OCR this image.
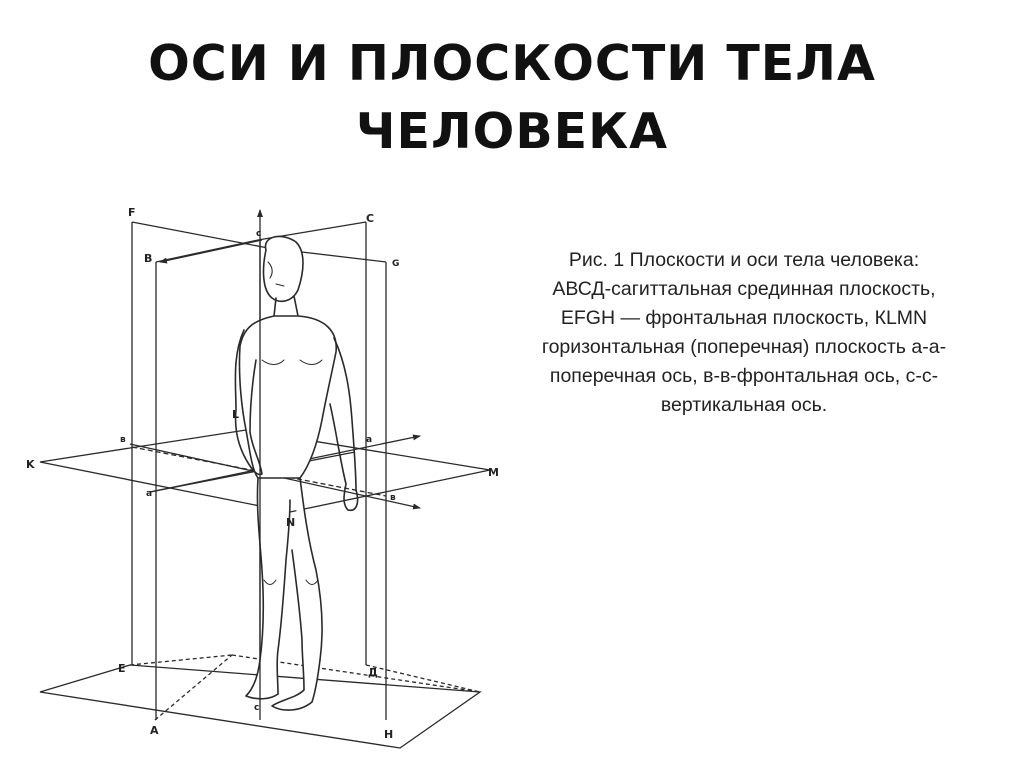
ОСИ И ПЛОСКОСТИ ТЕЛА
ЧЕЛОВЕКА
Рис. 1 Плоскости и оси тела человека:
АВСД-сагиттальная срединная плоскость,
EFGH — фронтальная плоскость, КLMN
горизонтальная (поперечная) плоскость а-а-
поперечная ось, в-в-фронтальная ось, с-с-
вертикальная ось.
F	C
B	G
c
L
в	a
K
M
a	в
N
E	Д
c
A	H
